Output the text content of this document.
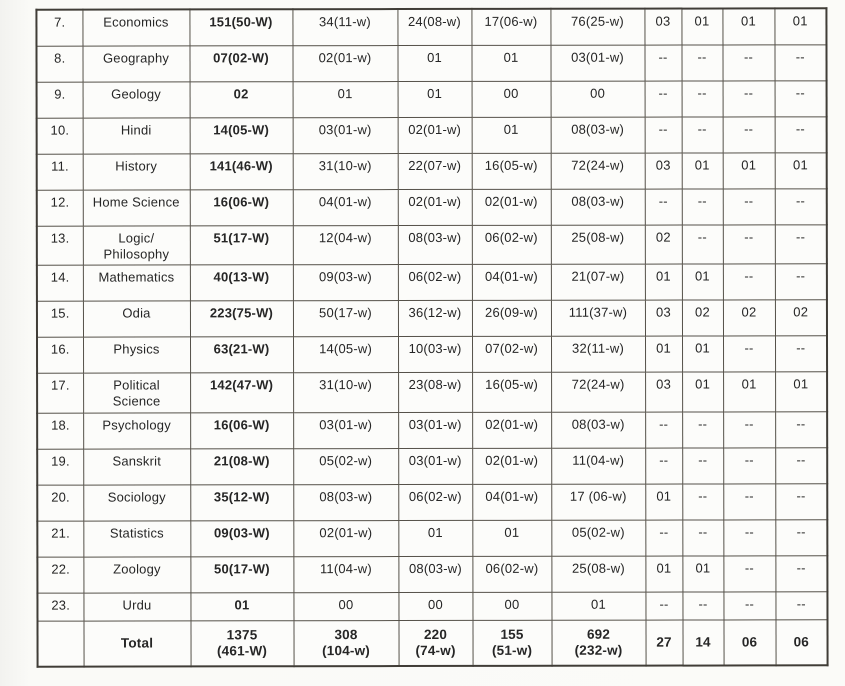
7.	Economics	151(50-W)	34(11-w)	24(08-w)	17(06-w)	76(25-w)	03	01	01	01
8.	Geography	07(02-W)	02(01-w)	01	01	03(01-w)	--	--	--	--
9.	Geology	02	01	01	00	00	--	--	--	--
10.	Hindi	14(05-W)	03(01-w)	02(01-w)	01	08(03-w)	--	--	--	--
11.	History	141(46-W)	31(10-w)	22(07-w)	16(05-w)	72(24-w)	03	01	01	01
12.	Home Science	16(06-W)	04(01-w)	02(01-w)	02(01-w)	08(03-w)	--	--	--	--
13.	Logic/
Philosophy	51(17-W)	12(04-w)	08(03-w)	06(02-w)	25(08-w)	02	--	--	--
14.	Mathematics	40(13-W)	09(03-w)	06(02-w)	04(01-w)	21(07-w)	01	01	--	--
15.	Odia	223(75-W)	50(17-w)	36(12-w)	26(09-w)	111(37-w)	03	02	02	02
16.	Physics	63(21-W)	14(05-w)	10(03-w)	07(02-w)	32(11-w)	01	01	--	--
17.	Political
Science	142(47-W)	31(10-w)	23(08-w)	16(05-w)	72(24-w)	03	01	01	01
18.	Psychology	16(06-W)	03(01-w)	03(01-w)	02(01-w)	08(03-w)	--	--	--	--
19.	Sanskrit	21(08-W)	05(02-w)	03(01-w)	02(01-w)	11(04-w)	--	--	--	--
20.	Sociology	35(12-W)	08(03-w)	06(02-w)	04(01-w)	17 (06-w)	01	--	--	--
21.	Statistics	09(03-W)	02(01-w)	01	01	05(02-w)	--	--	--	--
22.	Zoology	50(17-W)	11(04-w)	08(03-w)	06(02-w)	25(08-w)	01	01	--	--
23.	Urdu	01	00	00	00	01	--	--	--	--
	Total	1375
(461-W)	308
(104-w)	220
(74-w)	155
(51-w)	692
(232-w)	27	14	06	06
